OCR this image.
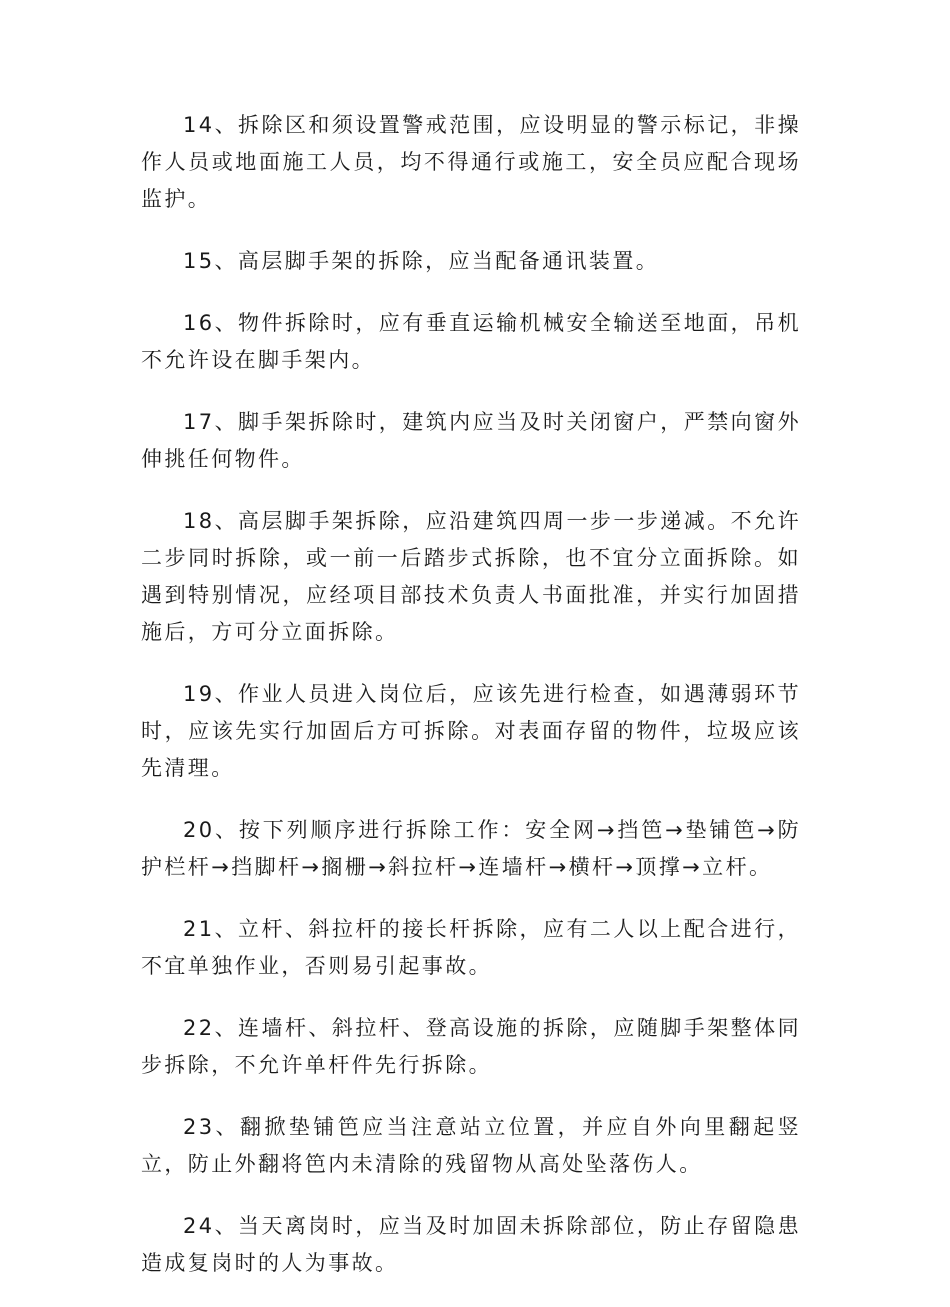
14、拆除区和须设置警戒范围，应设明显的警示标记，非操作人员或地面施工人员，均不得通行或施工，安全员应配合现场监护。

15、高层脚手架的拆除，应当配备通讯装置。

16、物件拆除时，应有垂直运输机械安全输送至地面，吊机不允许设在脚手架内。

17、脚手架拆除时，建筑内应当及时关闭窗户，严禁向窗外伸挑任何物件。

18、高层脚手架拆除，应沿建筑四周一步一步递减。不允许二步同时拆除，或一前一后踏步式拆除，也不宜分立面拆除。如遇到特别情况，应经项目部技术负责人书面批准，并实行加固措施后，方可分立面拆除。

19、作业人员进入岗位后，应该先进行检查，如遇薄弱环节时，应该先实行加固后方可拆除。对表面存留的物件，垃圾应该先清理。

20、按下列顺序进行拆除工作：安全网→挡笆→垫铺笆→防护栏杆→挡脚杆→搁栅→斜拉杆→连墙杆→横杆→顶撑→立杆。

21、立杆、斜拉杆的接长杆拆除，应有二人以上配合进行，不宜单独作业，否则易引起事故。

22、连墙杆、斜拉杆、登高设施的拆除，应随脚手架整体同步拆除，不允许单杆件先行拆除。

23、翻掀垫铺笆应当注意站立位置，并应自外向里翻起竖立，防止外翻将笆内未清除的残留物从高处坠落伤人。

24、当天离岗时，应当及时加固未拆除部位，防止存留隐患造成复岗时的人为事故。
